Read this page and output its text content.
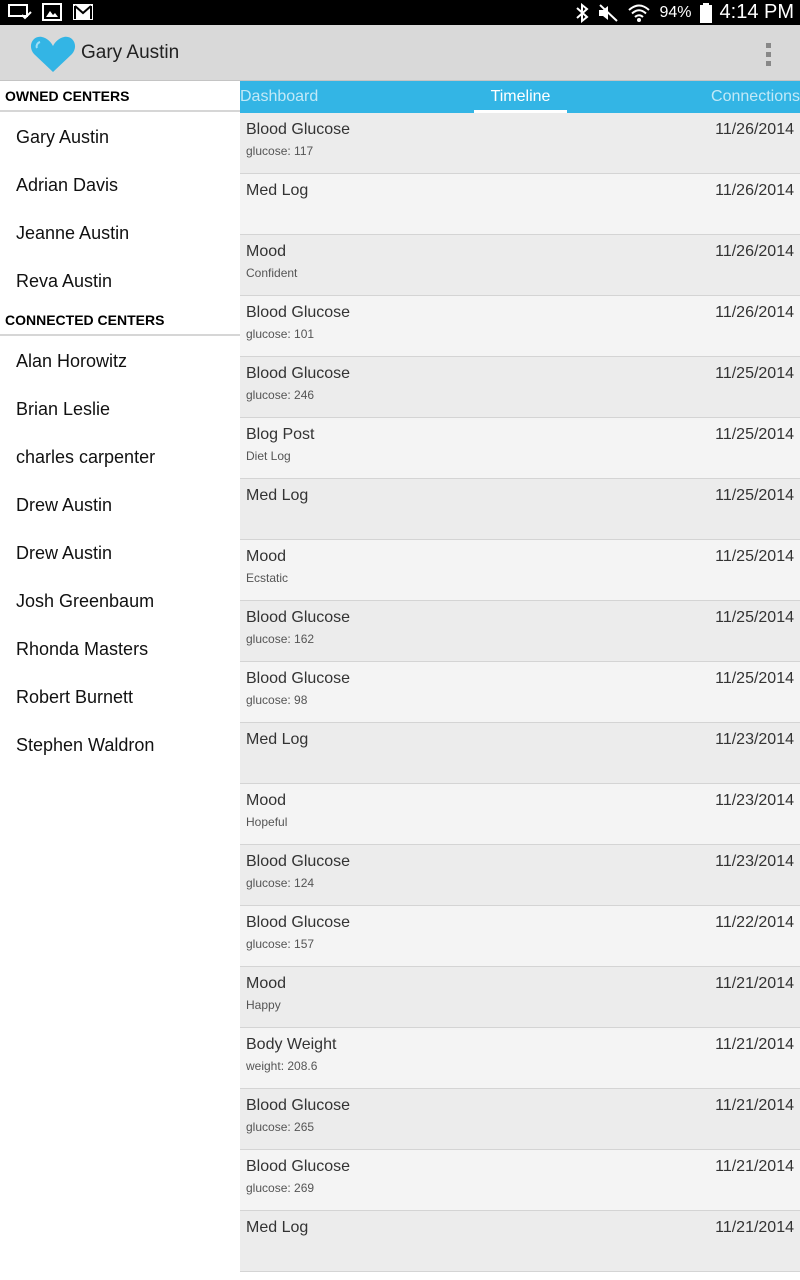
94% 4:14 PM
Gary Austin
OWNED CENTERS
Gary Austin
Adrian Davis
Jeanne Austin
Reva Austin
CONNECTED CENTERS
Alan Horowitz
Brian Leslie
charles carpenter
Drew Austin
Drew Austin
Josh Greenbaum
Rhonda Masters
Robert Burnett
Stephen Waldron
Dashboard	Timeline	Connections
Blood Glucose
glucose: 117
11/26/2014
Med Log	11/26/2014
Mood
Confident
11/26/2014
Blood Glucose
glucose: 101
11/26/2014
Blood Glucose
glucose: 246
11/25/2014
Blog Post
Diet Log
11/25/2014
Med Log	11/25/2014
Mood
Ecstatic
11/25/2014
Blood Glucose
glucose: 162
11/25/2014
Blood Glucose
glucose: 98
11/25/2014
Med Log	11/23/2014
Mood
Hopeful
11/23/2014
Blood Glucose
glucose: 124
11/23/2014
Blood Glucose
glucose: 157
11/22/2014
Mood
Happy
11/21/2014
Body Weight
weight: 208.6
11/21/2014
Blood Glucose
glucose: 265
11/21/2014
Blood Glucose
glucose: 269
11/21/2014
Med Log	11/21/2014
